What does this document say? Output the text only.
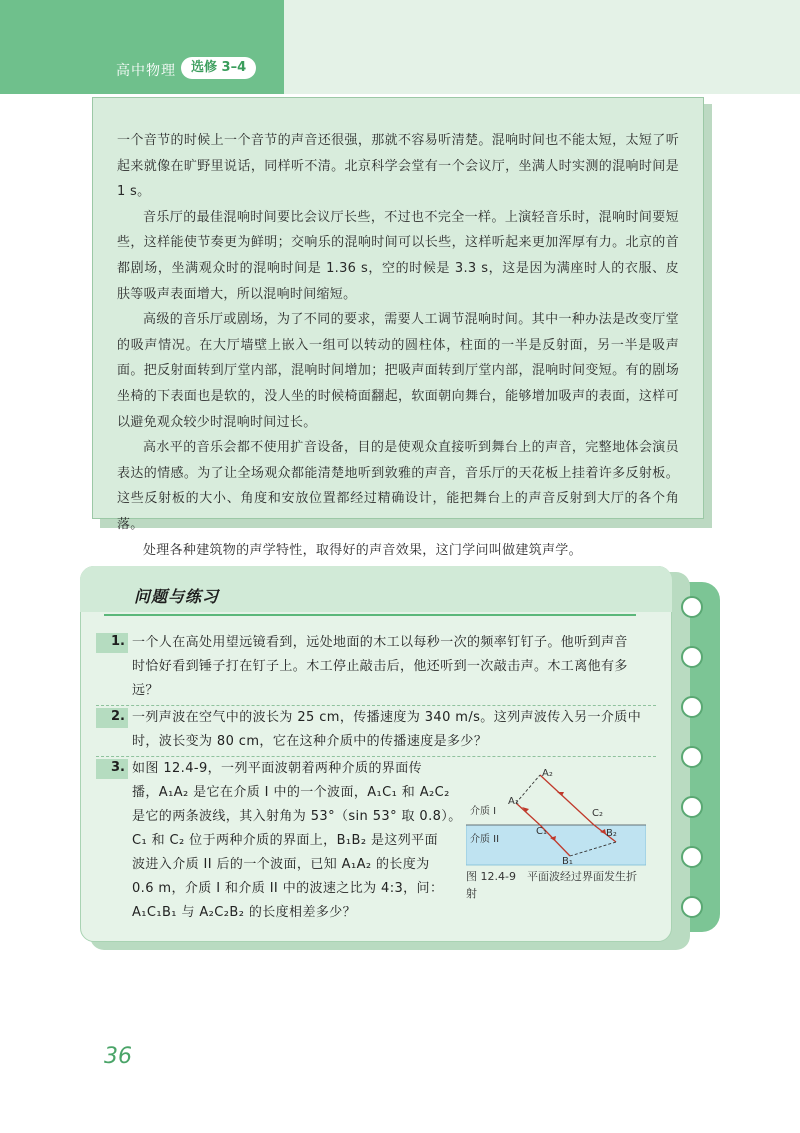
高中物理	选修 3–4

一个音节的时候上一个音节的声音还很强，那就不容易听清楚。混响时间也不能太短，太短了听起来就像在旷野里说话，同样听不清。北京科学会堂有一个会议厅，坐满人时实测的混响时间是 1 s。

音乐厅的最佳混响时间要比会议厅长些，不过也不完全一样。上演轻音乐时，混响时间要短些，这样能使节奏更为鲜明；交响乐的混响时间可以长些，这样听起来更加浑厚有力。北京的首都剧场，坐满观众时的混响时间是 1.36 s，空的时候是 3.3 s，这是因为满座时人的衣服、皮肤等吸声表面增大，所以混响时间缩短。

高级的音乐厅或剧场，为了不同的要求，需要人工调节混响时间。其中一种办法是改变厅堂的吸声情况。在大厅墙壁上嵌入一组可以转动的圆柱体，柱面的一半是反射面，另一半是吸声面。把反射面转到厅堂内部，混响时间增加；把吸声面转到厅堂内部，混响时间变短。有的剧场坐椅的下表面也是软的，没人坐的时候椅面翻起，软面朝向舞台，能够增加吸声的表面，这样可以避免观众较少时混响时间过长。

高水平的音乐会都不使用扩音设备，目的是使观众直接听到舞台上的声音，完整地体会演员表达的情感。为了让全场观众都能清楚地听到敦雅的声音，音乐厅的天花板上挂着许多反射板。这些反射板的大小、角度和安放位置都经过精确设计，能把舞台上的声音反射到大厅的各个角落。

处理各种建筑物的声学特性，取得好的声音效果，这门学问叫做建筑声学。

问题与练习
1. 一个人在高处用望远镜看到，远处地面的木工以每秒一次的频率钉钉子。他听到声音
时恰好看到锤子打在钉子上。木工停止敲击后，他还听到一次敲击声。木工离他有多
远？
2. 一列声波在空气中的波长为 25 cm，传播速度为 340 m/s。这列声波传入另一介质中
时，波长变为 80 cm，它在这种介质中的传播速度是多少？
3. 如图 12.4-9，一列平面波朝着两种介质的界面传
播，A₁A₂ 是它在介质 I 中的一个波面，A₁C₁ 和 A₂C₂
是它的两条波线，其入射角为 53°（sin 53° 取 0.8）。
C₁ 和 C₂ 位于两种介质的界面上，B₁B₂ 是这列平面
波进入介质 II 后的一个波面，已知 A₁A₂ 的长度为
0.6 m，介质 I 和介质 II 中的波速之比为 4:3，问：
A₁C₁B₁ 与 A₂C₂B₂ 的长度相差多少？
介质 I
介质 II
A₂
A₁
C₁
C₂
B₁
B₂
图 12.4-9　平面波经过界面发生折射
36
